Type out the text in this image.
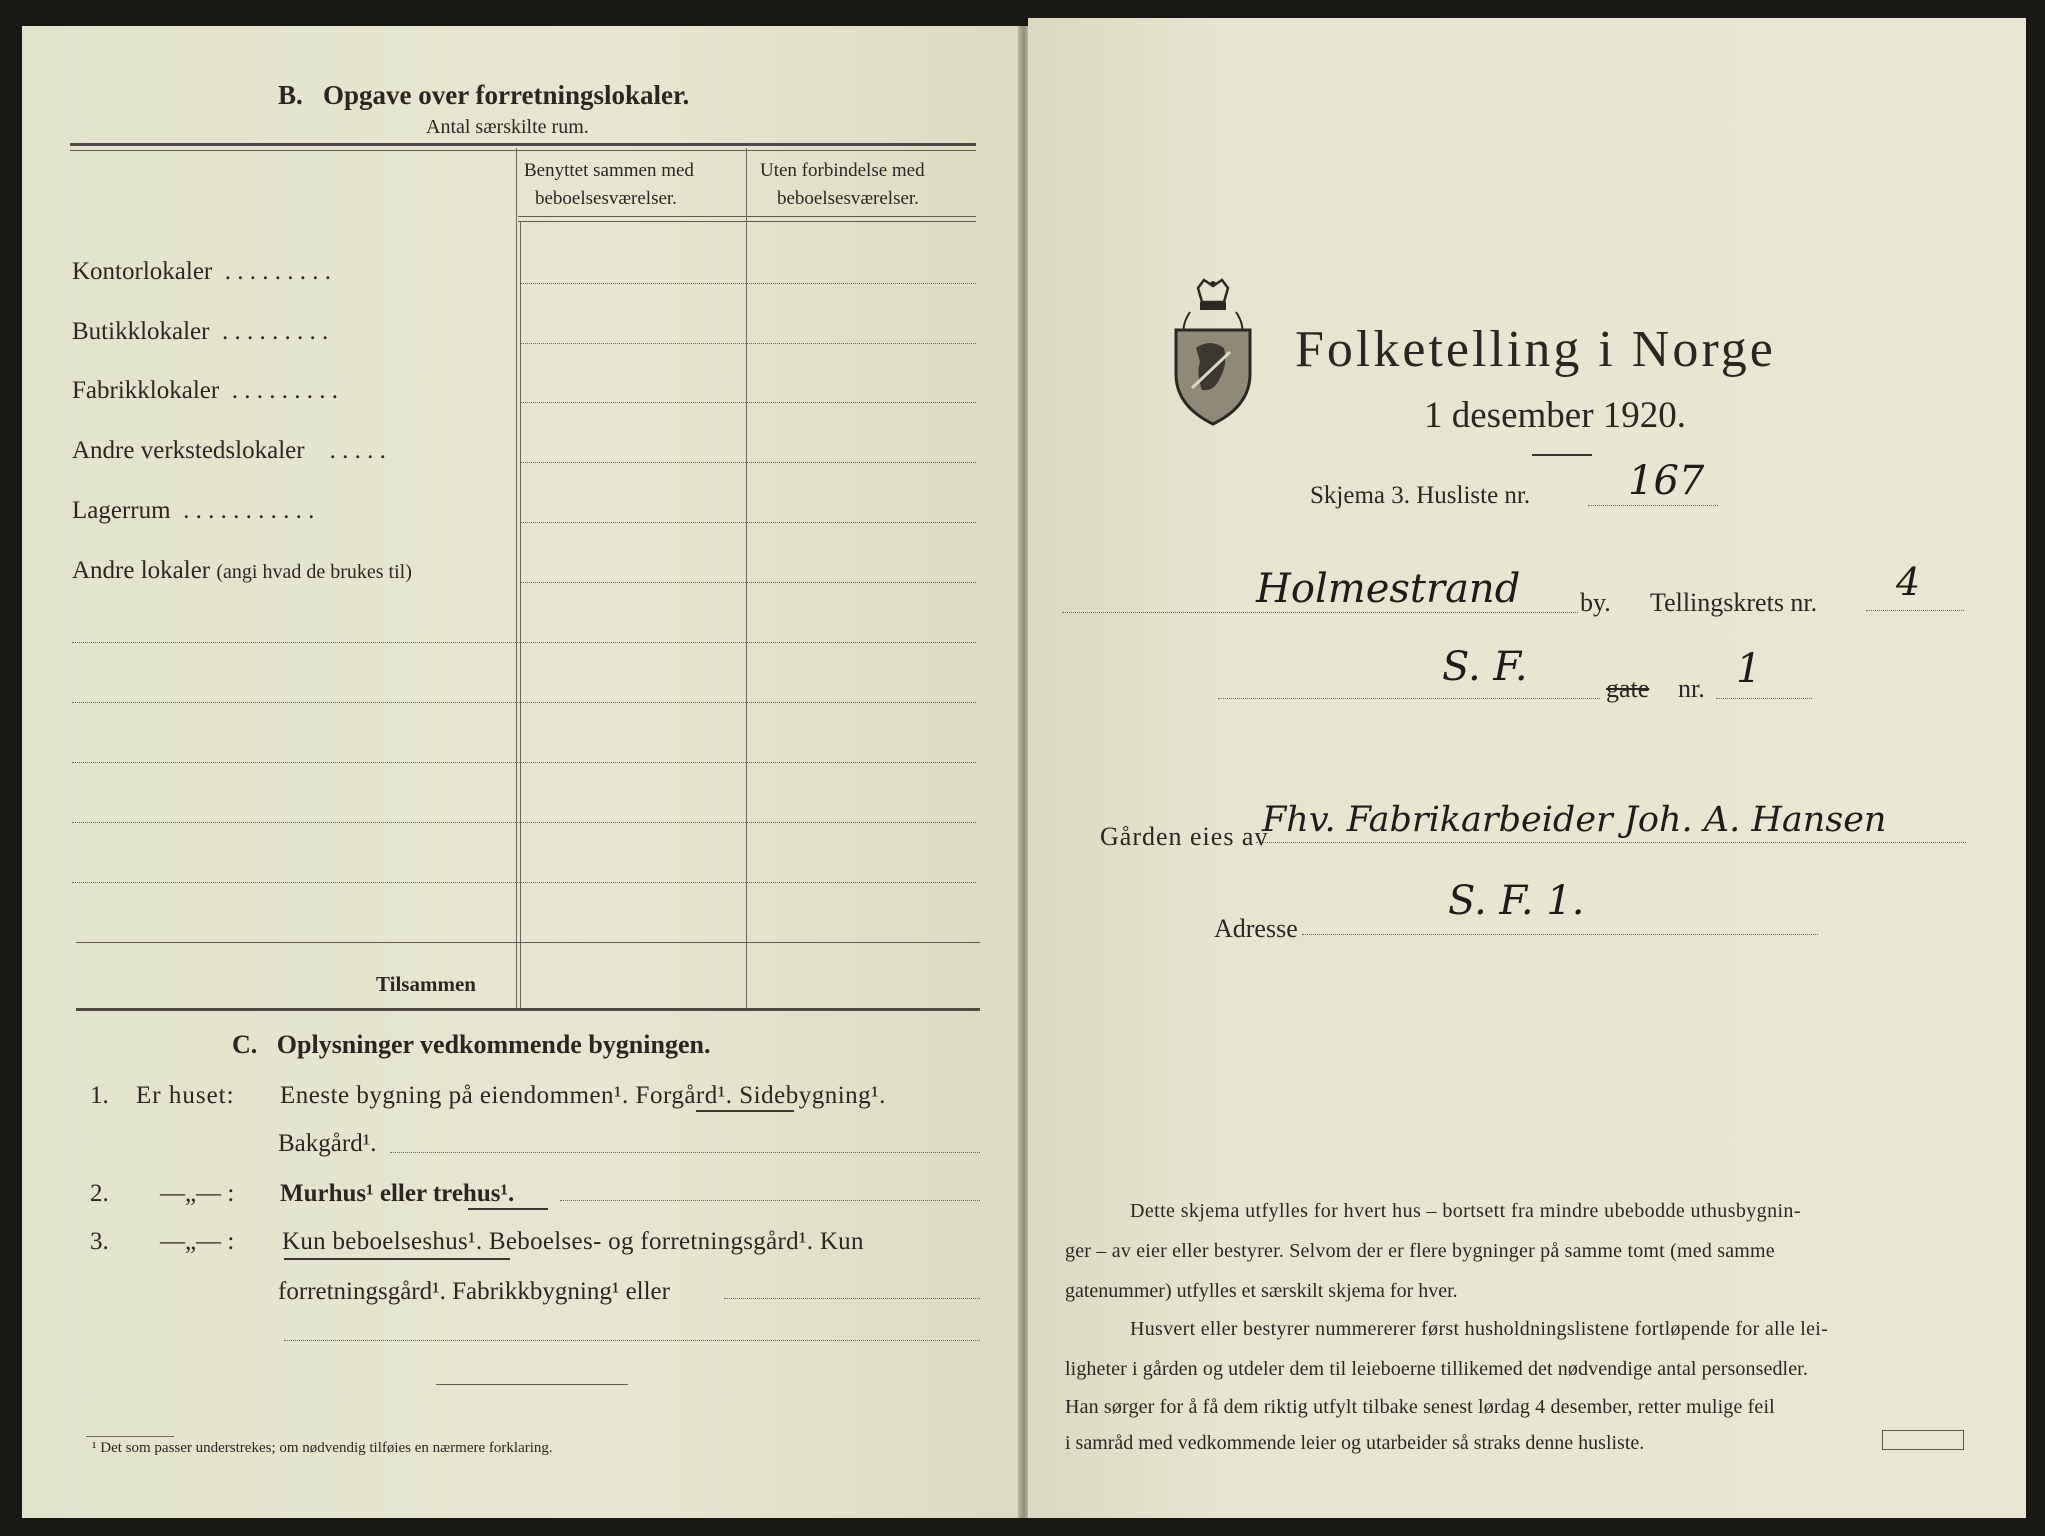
B. Opgave over forretningslokaler.
Antal særskilte rum.
Benyttet sammen med
beboelsesværelser.
Uten forbindelse med
beboelsesværelser.
Kontorlokaler . . . . . . . . .
Butikklokaler . . . . . . . . .
Fabrikklokaler . . . . . . . . .
Andre verkstedslokaler . . . . .
Lagerrum . . . . . . . . . . .
Andre lokaler (angi hvad de brukes til)
Tilsammen
C. Oplysninger vedkommende bygningen.
1. Er huset: Eneste bygning på eiendommen¹. Forgård¹. Sidebygning¹.
Bakgård¹.
2. —„— : Murhus¹ eller trehus¹.
3. —„— : Kun beboelseshus¹. Beboelses- og forretningsgård¹. Kun
forretningsgård¹. Fabrikkbygning¹ eller
¹ Det som passer understrekes; om nødvendig tilføies en nærmere forklaring.
Folketelling i Norge
1 desember 1920.
Skjema 3. Husliste nr. 167
Holmestrand by. Tellingskrets nr. 4
S. F.	gate nr. 1
Gården eies av
Fhv. Fabrikarbeider Joh. A. Hansen
Adresse
S. F. 1.
Dette skjema utfylles for hvert hus – bortsett fra mindre ubebodde uthusbygnin-
ger – av eier eller bestyrer. Selvom der er flere bygninger på samme tomt (med samme
gatenummer) utfylles et særskilt skjema for hver.
Husvert eller bestyrer nummererer først husholdningslistene fortløpende for alle lei-
ligheter i gården og utdeler dem til leieboerne tillikemed det nødvendige antal personsedler.
Han sørger for å få dem riktig utfylt tilbake senest lørdag 4 desember, retter mulige feil
i samråd med vedkommende leier og utarbeider så straks denne husliste.
